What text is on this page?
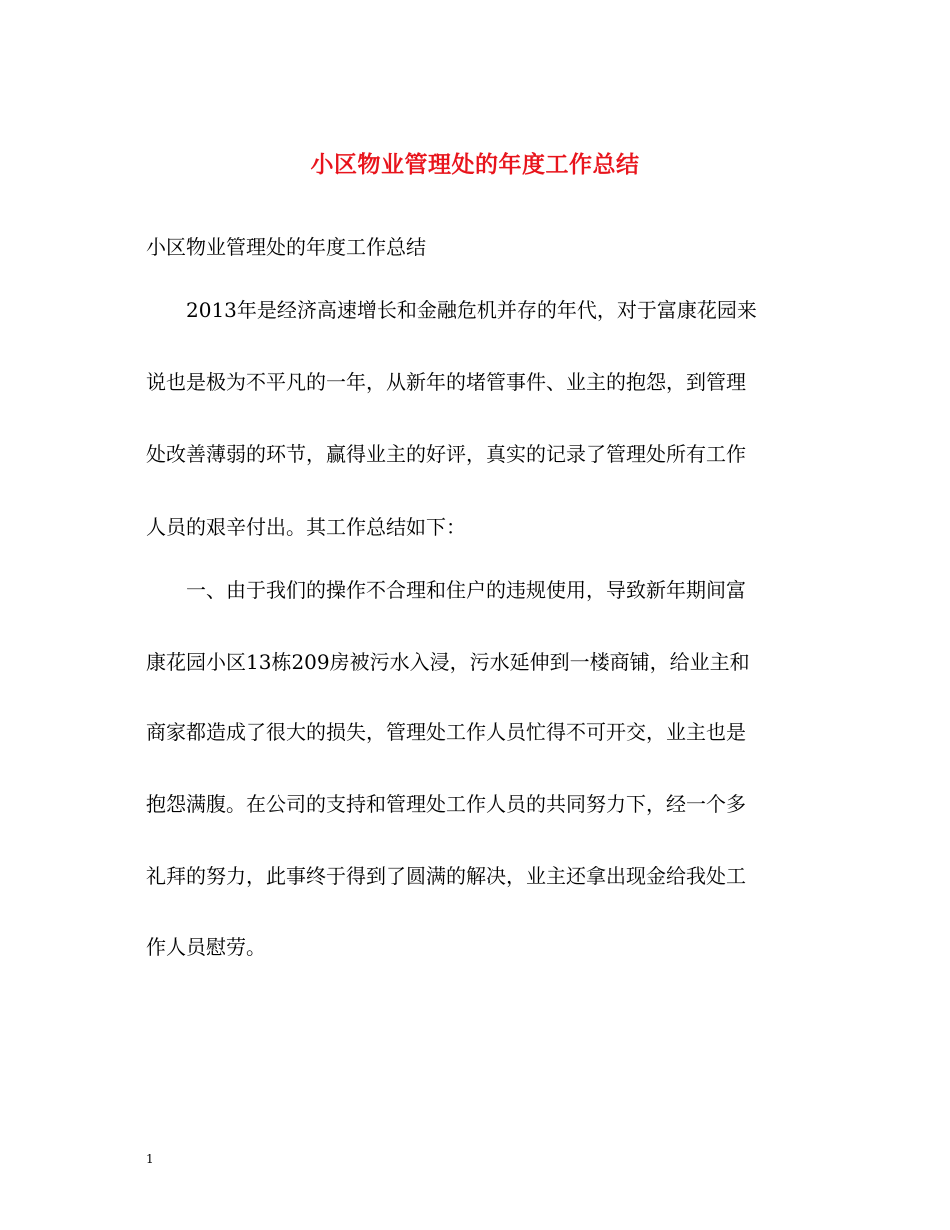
小区物业管理处的年度工作总结

小区物业管理处的年度工作总结

2013年是经济高速增长和金融危机并存的年代，对于富康花园来

说也是极为不平凡的一年，从新年的堵管事件、业主的抱怨，到管理

处改善薄弱的环节，赢得业主的好评，真实的记录了管理处所有工作

人员的艰辛付出。其工作总结如下：

一、由于我们的操作不合理和住户的违规使用，导致新年期间富

康花园小区13栋209房被污水入浸，污水延伸到一楼商铺，给业主和

商家都造成了很大的损失，管理处工作人员忙得不可开交，业主也是

抱怨满腹。在公司的支持和管理处工作人员的共同努力下，经一个多

礼拜的努力，此事终于得到了圆满的解决，业主还拿出现金给我处工

作人员慰劳。

1
